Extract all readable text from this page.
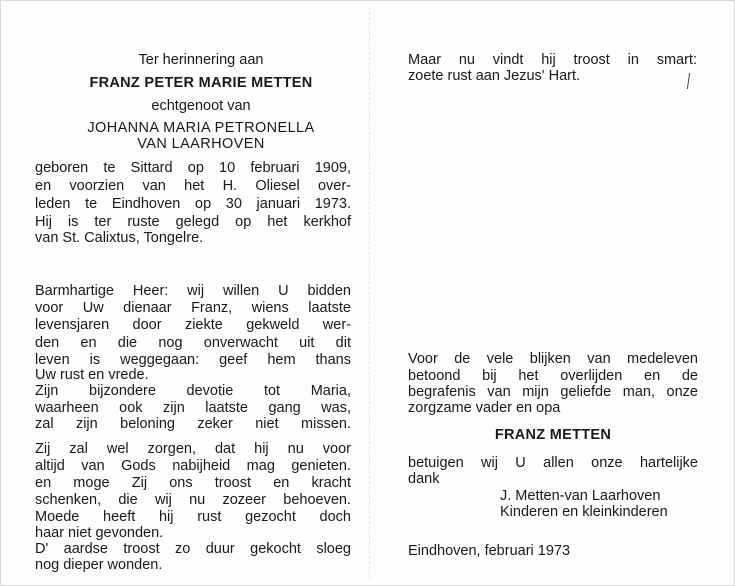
Ter herinnering aan
FRANZ PETER MARIE METTEN
echtgenoot van
JOHANNA MARIA PETRONELLA
VAN LAARHOVEN
geboren te Sittard op 10 februari 1909,
en voorzien van het H. Oliesel over-
leden te Eindhoven op 30 januari 1973.
Hij is ter ruste gelegd op het kerkhof
van St. Calixtus, Tongelre.
Barmhartige Heer: wij willen U bidden
voor Uw dienaar Franz, wiens laatste
levensjaren door ziekte gekweld wer-
den en die nog onverwacht uit dit
leven is weggegaan: geef hem thans
Uw rust en vrede.
Zijn bijzondere devotie tot Maria,
waarheen ook zijn laatste gang was,
zal zijn beloning zeker niet missen.
Zij zal wel zorgen, dat hij nu voor
altijd van Gods nabijheid mag genieten.
en moge Zij ons troost en kracht
schenken, die wij nu zozeer behoeven.
Moede heeft hij rust gezocht doch
haar niet gevonden.
D' aardse troost zo duur gekocht sloeg
nog dieper wonden.
Maar nu vindt hij troost in smart:
zoete rust aan Jezus' Hart.
Voor de vele blijken van medeleven
betoond bij het overlijden en de
begrafenis van mijn geliefde man, onze
zorgzame vader en opa
FRANZ METTEN
betuigen wij U allen onze hartelijke
dank
J. Metten-van Laarhoven
Kinderen en kleinkinderen
Eindhoven, februari 1973
